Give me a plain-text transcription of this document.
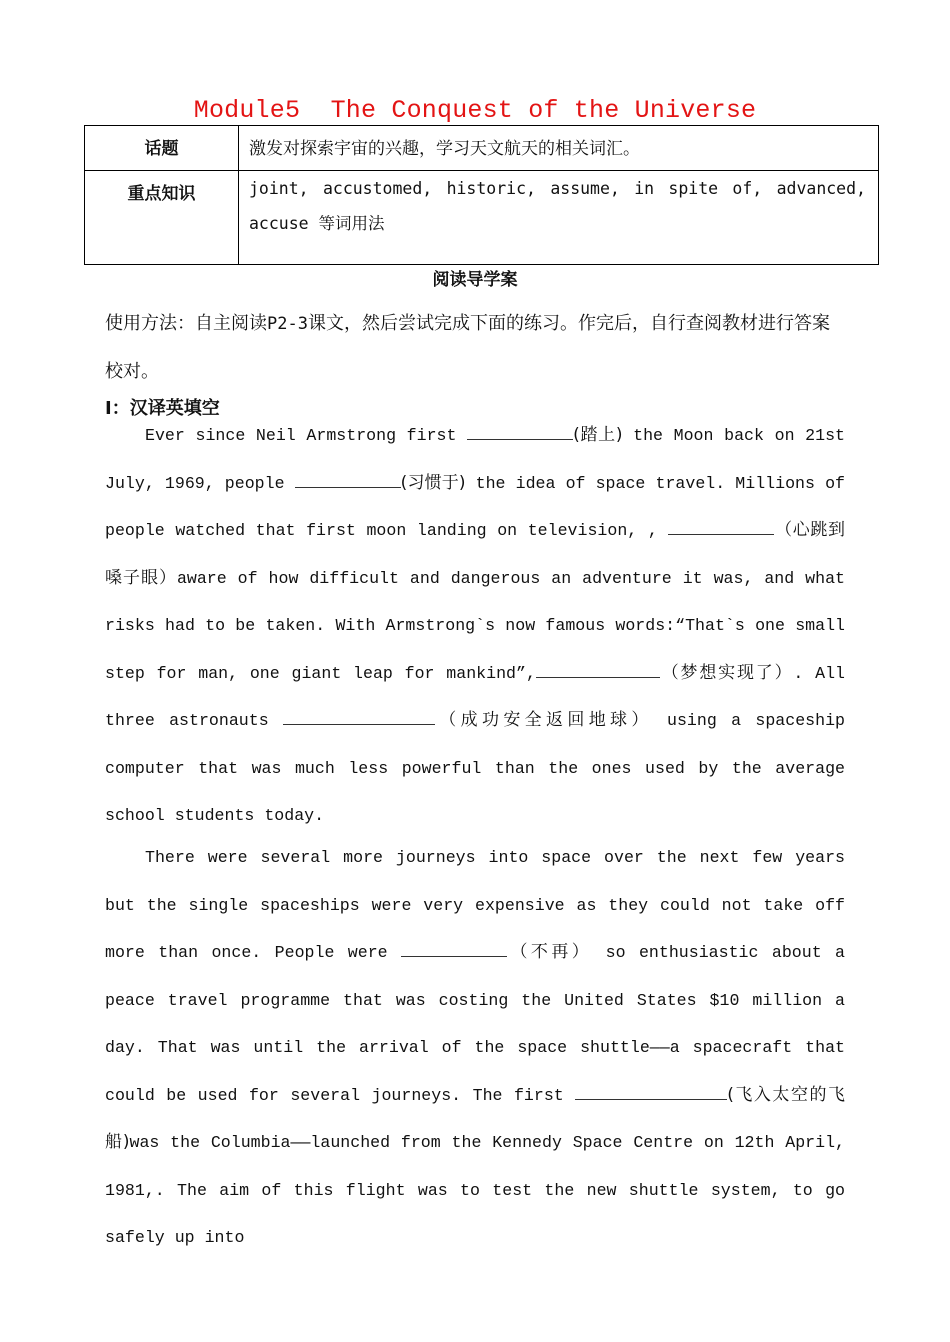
Module5  The Conquest of the Universe
话题	激发对探索宇宙的兴趣，学习天文航天的相关词汇。
重点知识	joint, accustomed, historic, assume, in spite of, advanced,
accuse 等词用法
阅读导学案
使用方法：自主阅读P2-3课文，然后尝试完成下面的练习。作完后，自行查阅教材进行答案校对。
Ⅰ：汉译英填空

Ever since Neil Armstrong first	(踏上) the Moon back on 21st July, 1969, people	(习惯于) the idea of space travel. Millions of people watched that first moon landing on television, ,	（心跳到嗓子眼）aware of how difficult and dangerous an adventure it was, and what risks had to be taken. With Armstrong`s now famous words:“That`s one small step for man, one giant leap for mankind”,	（梦想实现了）. All three astronauts	（成功安全返回地球） using a spaceship computer that was much less powerful than the ones used by the average school students today.

There were several more journeys into space over the next few years but the single spaceships were very expensive as they could not take off more than once. People were	（不再） so enthusiastic about a peace travel programme that was costing the United States $10 million a day. That was until the arrival of the space shuttle——a spacecraft that could be used for several journeys. The first	(飞入太空的飞船)was the Columbia——launched from the Kennedy Space Centre on 12th April, 1981,. The aim of this flight was to test the new shuttle system, to go safely up into
